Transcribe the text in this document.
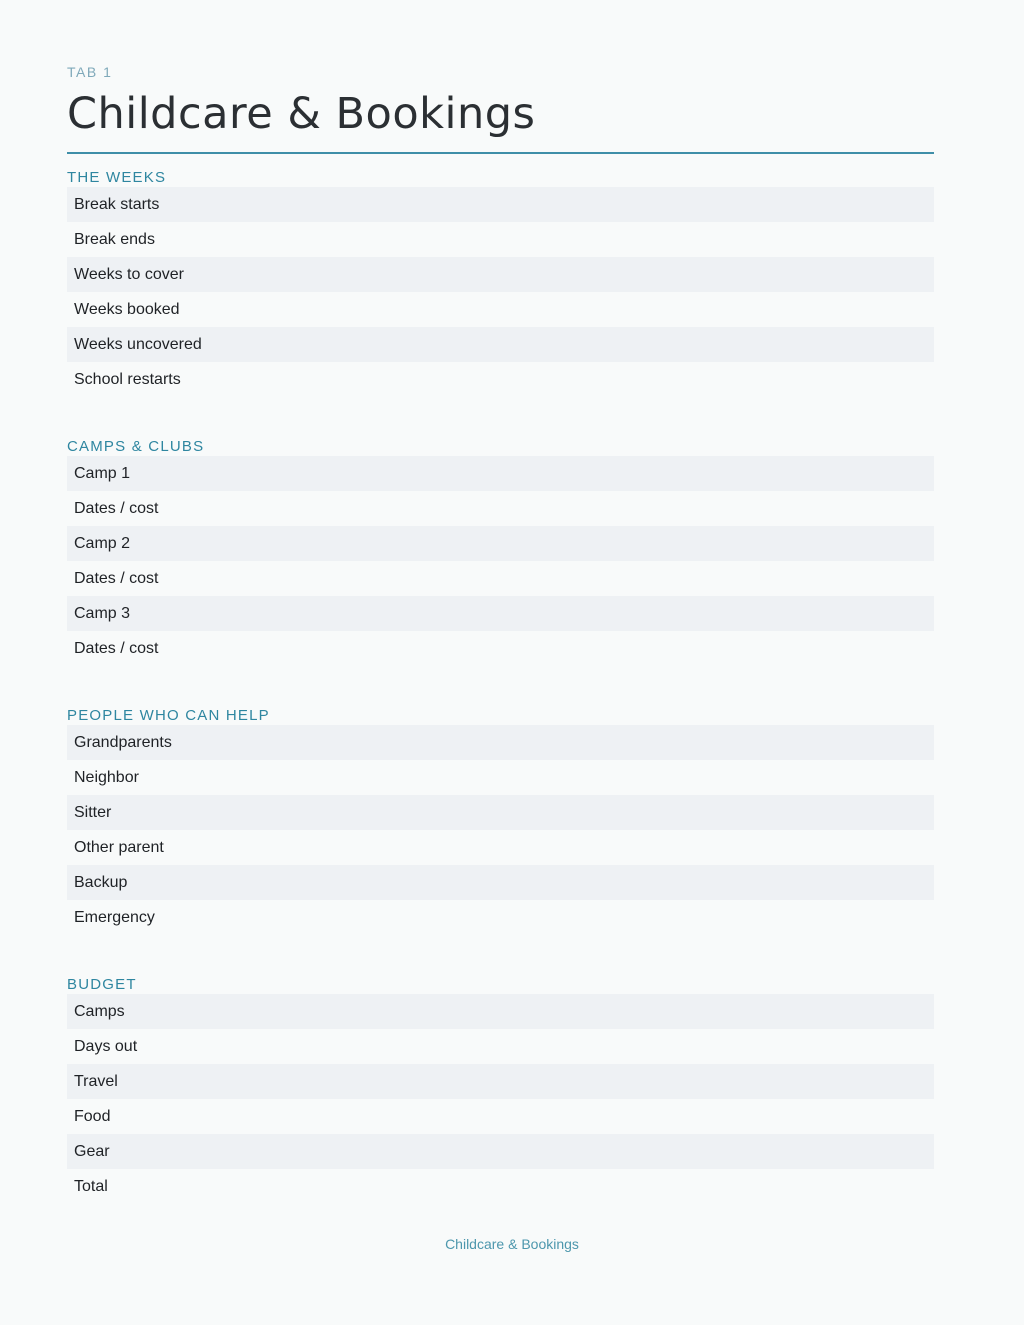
TAB 1
Childcare & Bookings
THE WEEKS
Break starts
Break ends
Weeks to cover
Weeks booked
Weeks uncovered
School restarts
CAMPS & CLUBS
Camp 1
Dates / cost
Camp 2
Dates / cost
Camp 3
Dates / cost
PEOPLE WHO CAN HELP
Grandparents
Neighbor
Sitter
Other parent
Backup
Emergency
BUDGET
Camps
Days out
Travel
Food
Gear
Total
Childcare & Bookings
